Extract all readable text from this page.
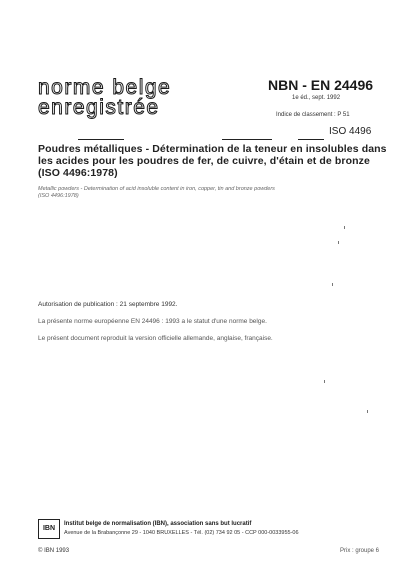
norme belge
enregistrée
NBN - EN 24496
1e éd., sept. 1992
Indice de classement : P 51
ISO 4496
Poudres métalliques - Détermination de la teneur en insolubles dans
les acides pour les poudres de fer, de cuivre, d'étain et de bronze
(ISO 4496:1978)
Metallic powders - Determination of acid insoluble content in iron, copper, tin and bronze powders
(ISO 4496:1978)
Autorisation de publication : 21 septembre 1992.
La présente norme européenne EN 24496 : 1993 a le statut d'une norme belge.
Le présent document reproduit la version officielle allemande, anglaise, française.
IBN
Institut belge de normalisation (IBN), association sans but lucratif
Avenue de la Brabançonne 29 - 1040 BRUXELLES - Tél. (02) 734 92 05 - CCP 000-0033955-06
© IBN 1993	Prix : groupe 6
